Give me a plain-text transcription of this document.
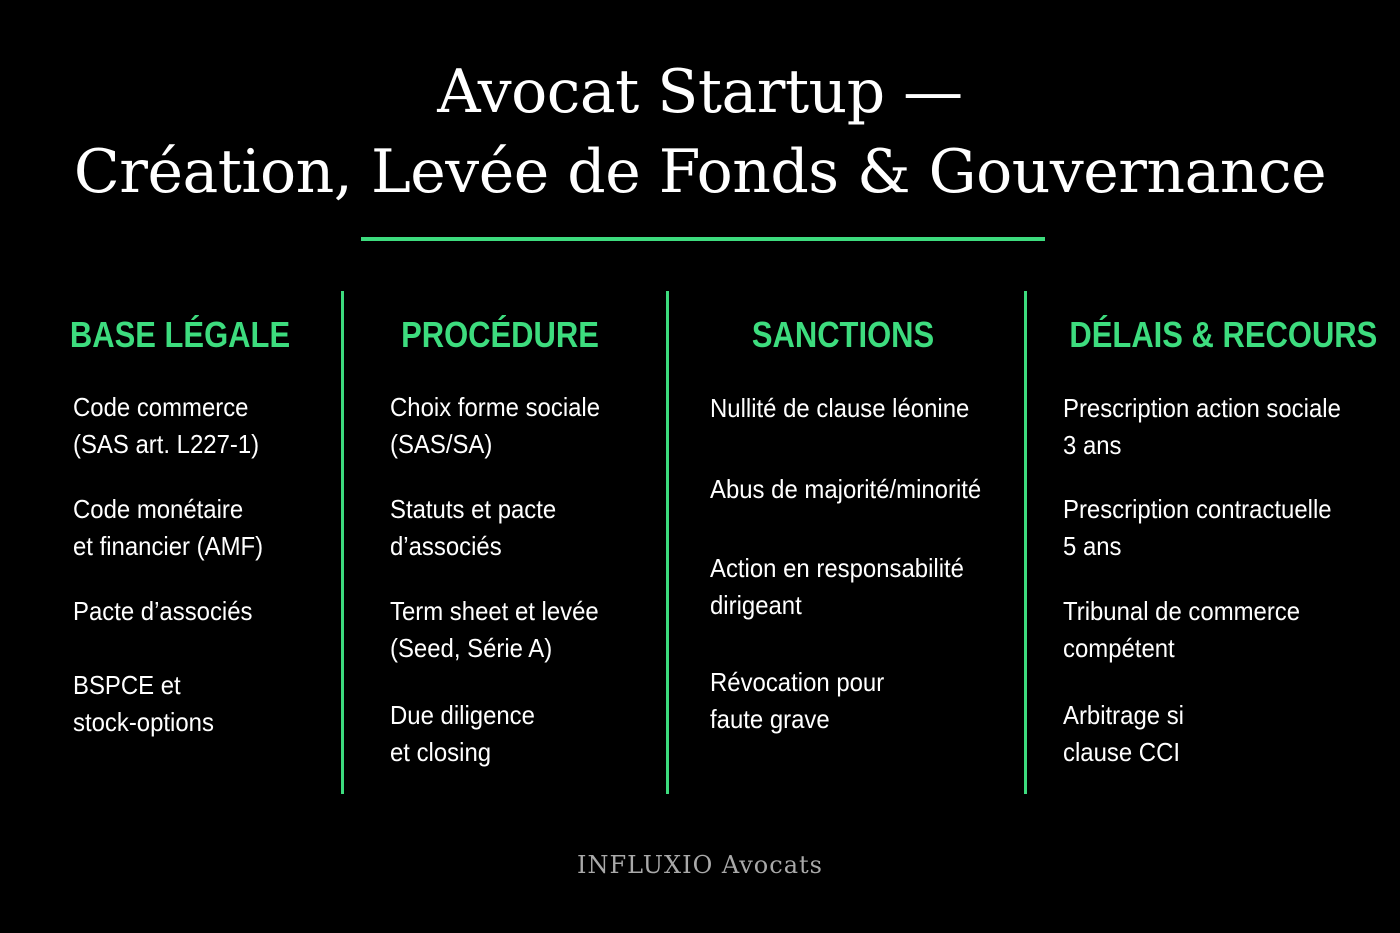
Avocat Startup —
Création, Levée de Fonds & Gouvernance
BASE LÉGALE
Code commerce
(SAS art. L227-1)
Code monétaire
et financier (AMF)
Pacte d’associés
BSPCE et
stock-options
PROCÉDURE
Choix forme sociale
(SAS/SA)
Statuts et pacte
d’associés
Term sheet et levée
(Seed, Série A)
Due diligence
et closing
SANCTIONS
Nullité de clause léonine
Abus de majorité/minorité
Action en responsabilité
dirigeant
Révocation pour
faute grave
DÉLAIS & RECOURS
Prescription action sociale
3 ans
Prescription contractuelle
5 ans
Tribunal de commerce
compétent
Arbitrage si
clause CCI
INFLUXIO Avocats
